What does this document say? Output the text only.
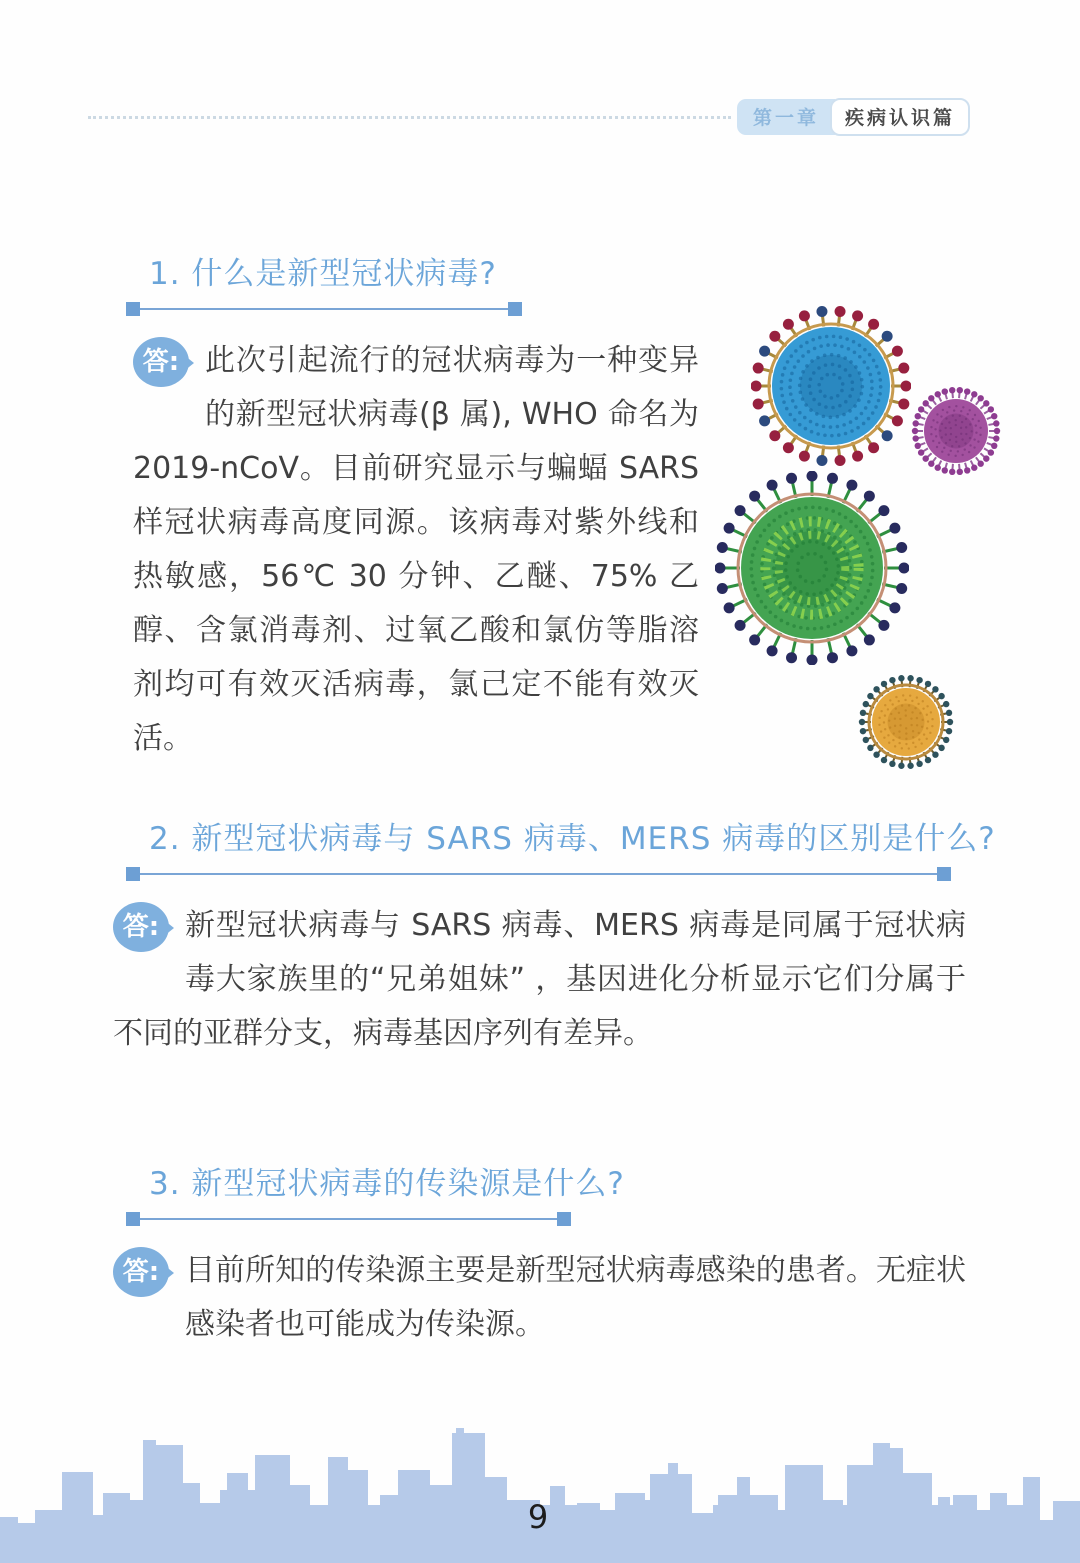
第一章	疾病认识篇
1. 什么是新型冠状病毒?
答: 此次引起流行的冠状病毒为一种变异的新型冠状病毒(β 属), WHO 命名为 2019-nCoV。目前研究显示与蝙蝠 SARS 样冠状病毒高度同源。该病毒对紫外线和热敏感，56℃ 30 分钟、乙醚、75% 乙醇、含氯消毒剂、过氧乙酸和氯仿等脂溶剂均可有效灭活病毒，氯己定不能有效灭活。
2. 新型冠状病毒与 SARS 病毒、MERS 病毒的区别是什么?
答: 新型冠状病毒与 SARS 病毒、MERS 病毒是同属于冠状病毒大家族里的“兄弟姐妹” ，基因进化分析显示它们分属于不同的亚群分支，病毒基因序列有差异。
3. 新型冠状病毒的传染源是什么?
答: 目前所知的传染源主要是新型冠状病毒感染的患者。无症状感染者也可能成为传染源。
9
